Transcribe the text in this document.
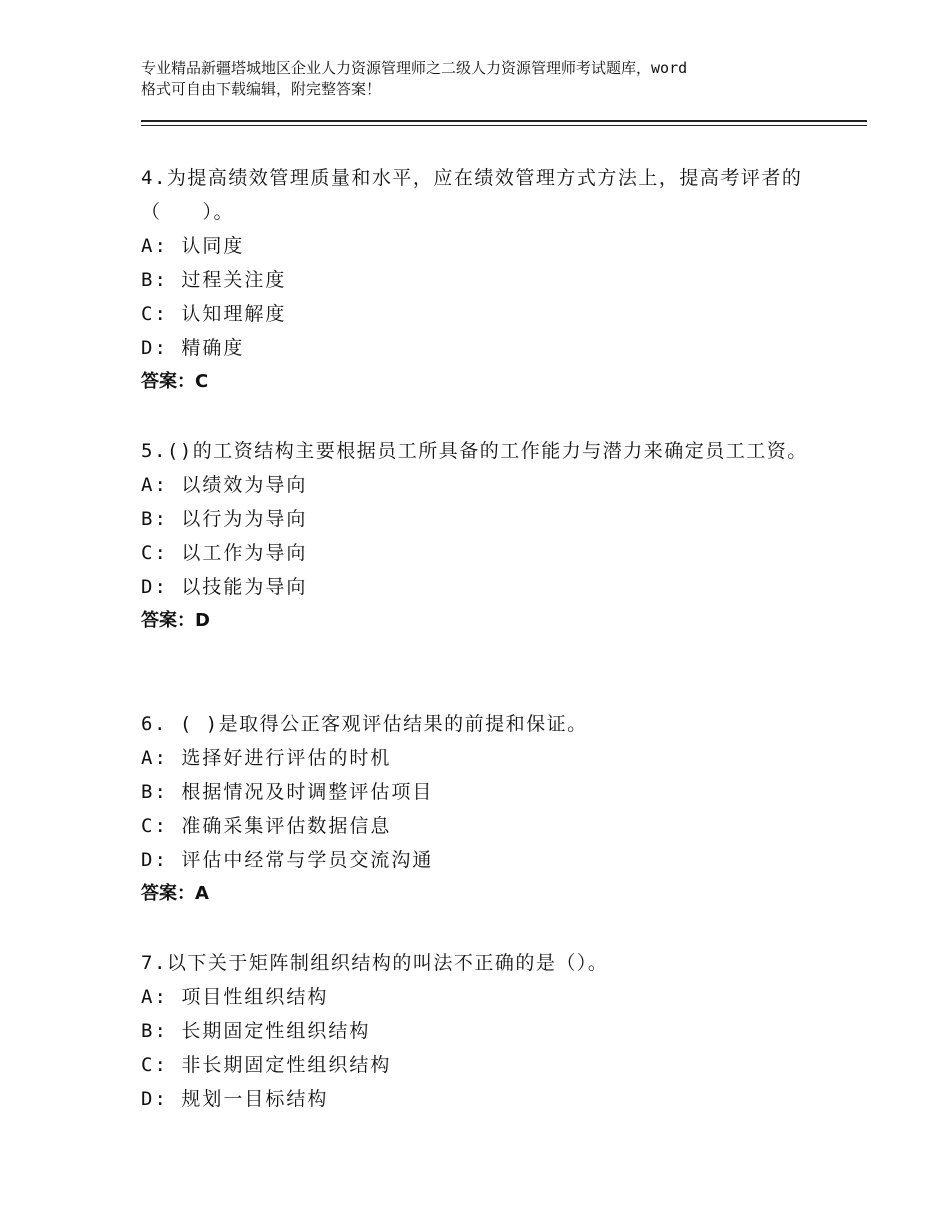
专业精品新疆塔城地区企业人力资源管理师之二级人力资源管理师考试题库，word
格式可自由下载编辑，附完整答案！
4.为提高绩效管理质量和水平，应在绩效管理方式方法上，提高考评者的（　　）。
A: 认同度
B: 过程关注度
C: 认知理解度
D: 精确度
答案：C
5.()的工资结构主要根据员工所具备的工作能力与潜力来确定员工工资。
A: 以绩效为导向
B: 以行为为导向
C: 以工作为导向
D: 以技能为导向
答案：D
6. ( )是取得公正客观评估结果的前提和保证。
A: 选择好进行评估的时机
B: 根据情况及时调整评估项目
C: 准确采集评估数据信息
D: 评估中经常与学员交流沟通
答案：A
7.以下关于矩阵制组织结构的叫法不正确的是（）。
A: 项目性组织结构
B: 长期固定性组织结构
C: 非长期固定性组织结构
D: 规划一目标结构
